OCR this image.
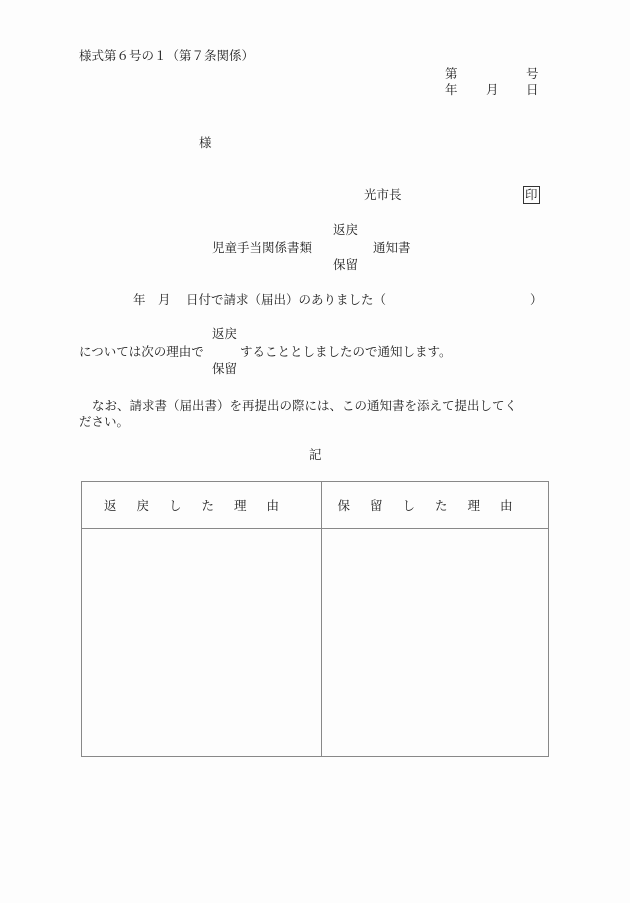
様式第６号の１（第７条関係）
第	号
年 月 日
様
光市長	印
返戻
児童手当関係書類	通知書
保留
年 月 日付で請求（届出）のありました（	）
返戻
については次の理由で	することとしましたので通知します。
保留
なお、請求書（届出書）を再提出の際には、この通知書を添えて提出してく
ださい。
記
返戻した理由	保留した理由
